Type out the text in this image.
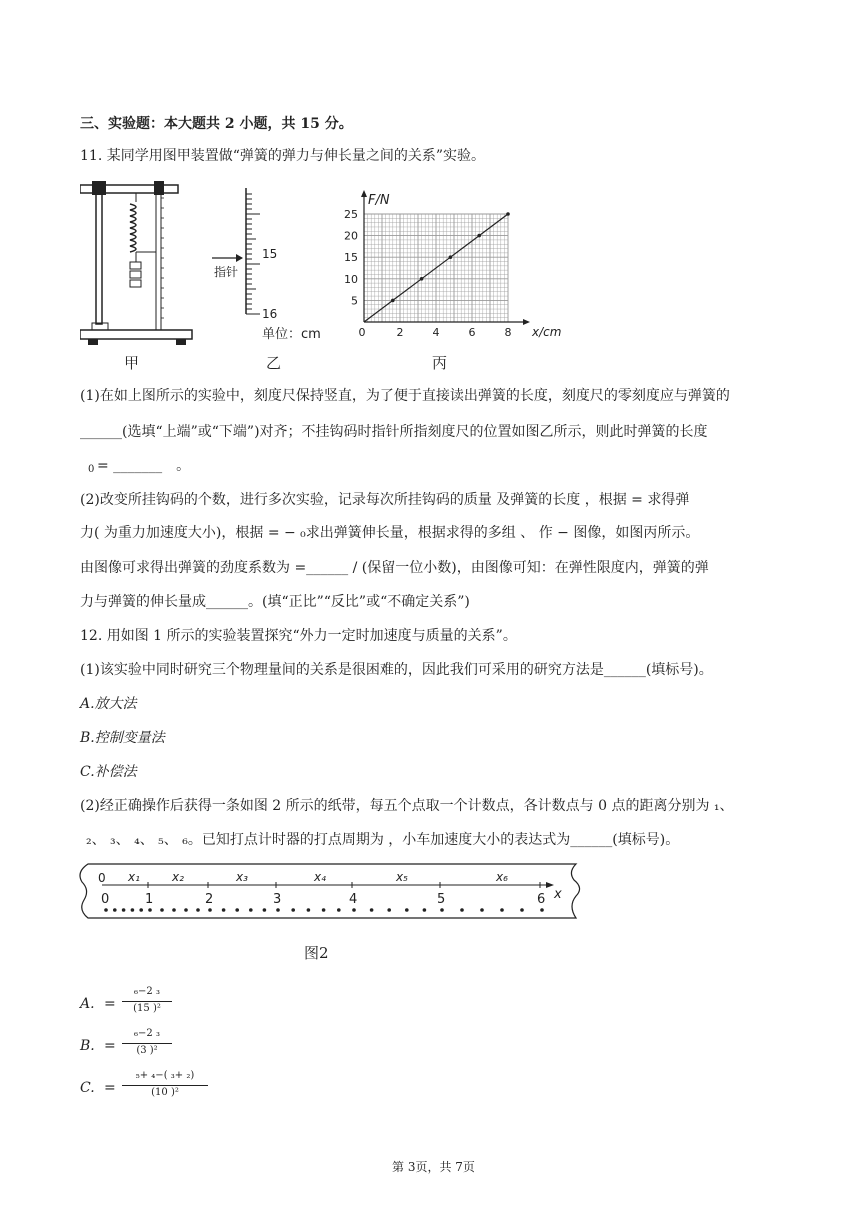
三、实验题：本大题共 2 小题，共 15 分。
11. 某同学用图甲装置做“弹簧的弹力与伸长量之间的关系”实验。
甲
15
16
指针
单位：cm
乙
0	2	4	6	8
5
10
15
20
25
F/N
x/cm
丙
(1)在如上图所示的实验中，刻度尺保持竖直，为了便于直接读出弹簧的长度，刻度尺的零刻度应与弹簧的
______(选填“上端”或“下端”)对齐；不挂钩码时指针所指刻度尺的位置如图乙所示，则此时弹簧的长度
0 = _______　。
(2)改变所挂钩码的个数，进行多次实验，记录每次所挂钩码的质量 及弹簧的长度 ，根据 = 求得弹
力( 为重力加速度大小)，根据 = − ₀求出弹簧伸长量，根据求得的多组 、 作 − 图像，如图丙所示。
由图像可求得出弹簧的劲度系数为 =______ / (保留一位小数)，由图像可知：在弹性限度内，弹簧的弹
力与弹簧的伸长量成______。(填“正比”“反比”或“不确定关系”)
12. 用如图 1 所示的实验装置探究“外力一定时加速度与质量的关系”。
(1)该实验中同时研究三个物理量间的关系是很困难的，因此我们可采用的研究方法是______(填标号)。
A.放大法
B.控制变量法
C.补偿法
(2)经正确操作后获得一条如图 2 所示的纸带，每五个点取一个计数点，各计数点与 0 点的距离分别为 ₁、
₂、 ₃、 ₄、 ₅、 ₆。已知打点计时器的打点周期为 ，小车加速度大小的表达式为______(填标号)。
x
0
0	1	2	3	4	5	6
x₁	x₂	x₃	x₄	x₅	x₆
图2
A. =
₆−2 ₃
(15 )²
B. =
₆−2 ₃
(3 )²
C. =
₅+ ₄−( ₃+ ₂)
(10 )²
第 3页，共 7页
